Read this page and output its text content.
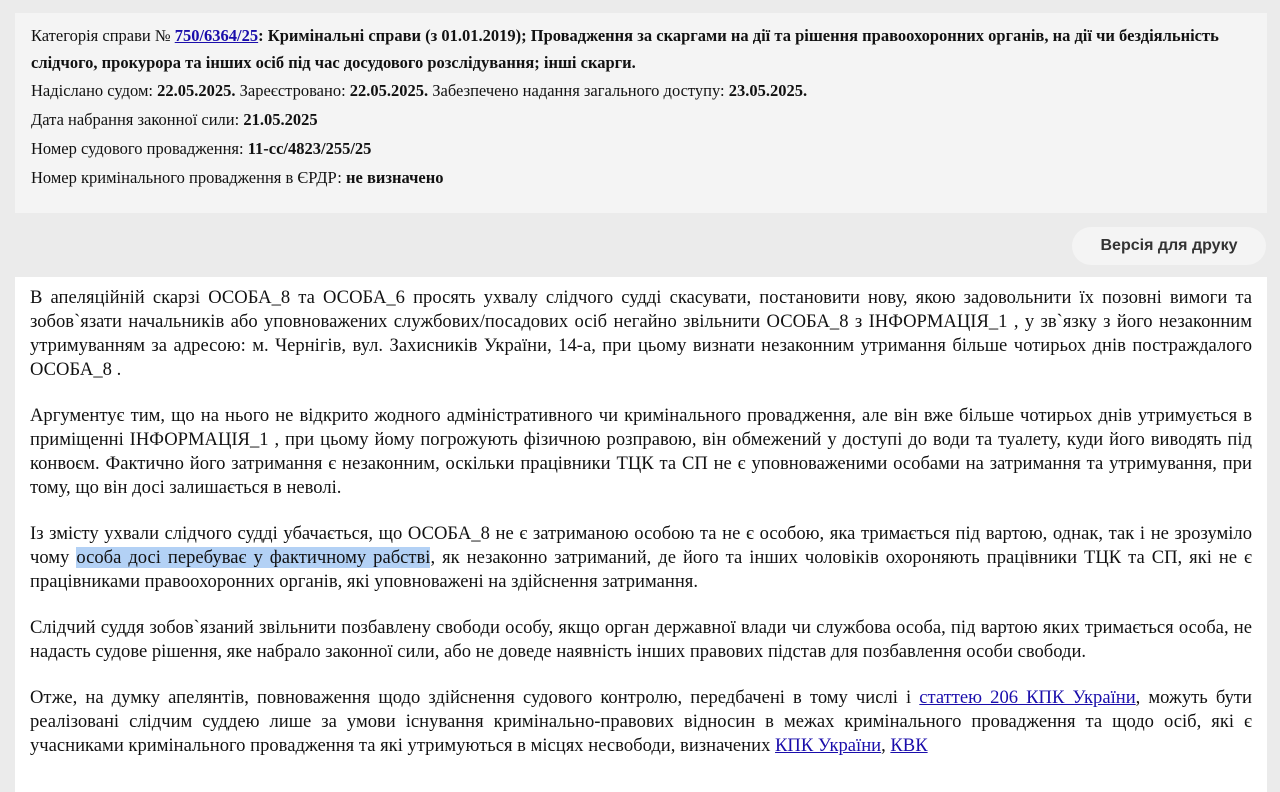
Категорія справи № 750/6364/25: Кримінальні справи (з 01.01.2019); Провадження за скаргами на дії та рішення правоохоронних органів, на дії чи бездіяльність слідчого, прокурора та інших осіб під час досудового розслідування; інші скарги.
Надіслано судом: 22.05.2025. Зареєстровано: 22.05.2025. Забезпечено надання загального доступу: 23.05.2025.
Дата набрання законної сили: 21.05.2025
Номер судового провадження: 11-cc/4823/255/25
Номер кримінального провадження в ЄРДР: не визначено
Версія для друку

В апеляційній скарзі ОСОБА_8 та ОСОБА_6 просять ухвалу слідчого судді скасувати, постановити нову, якою задовольнити їх позовні вимоги та зобов`язати начальників або уповноважених службових/посадових осіб негайно звільнити ОСОБА_8 з ІНФОРМАЦІЯ_1 , у зв`язку з його незаконним утримуванням за адресою: м. Чернігів, вул. Захисників України, 14-а, при цьому визнати незаконним утримання більше чотирьох днів постраждалого ОСОБА_8 .

Аргументує тим, що на нього не відкрито жодного адміністративного чи кримінального провадження, але він вже більше чотирьох днів утримується в приміщенні ІНФОРМАЦІЯ_1 , при цьому йому погрожують фізичною розправою, він обмежений у доступі до води та туалету, куди його виводять під конвоєм. Фактично його затримання є незаконним, оскільки працівники ТЦК та СП не є уповноваженими особами на затримання та утримування, при тому, що він досі залишається в неволі.

Із змісту ухвали слідчого судді убачається, що ОСОБА_8 не є затриманою особою та не є особою, яка тримається під вартою, однак, так і не зрозуміло чому особа досі перебуває у фактичному рабстві, як незаконно затриманий, де його та інших чоловіків охороняють працівники ТЦК та СП, які не є працівниками правоохоронних органів, які уповноважені на здійснення затримання.

Слідчий суддя зобов`язаний звільнити позбавлену свободи особу, якщо орган державної влади чи службова особа, під вартою яких тримається особа, не надасть судове рішення, яке набрало законної сили, або не доведе наявність інших правових підстав для позбавлення особи свободи.

Отже, на думку апелянтів, повноваження щодо здійснення судового контролю, передбачені в тому числі і статтею 206 КПК України, можуть бути реалізовані слідчим суддею лише за умови існування кримінально-правових відносин в межах кримінального провадження та щодо осіб, які є учасниками кримінального провадження та які утримуються в місцях несвободи, визначених КПК України, КВК
